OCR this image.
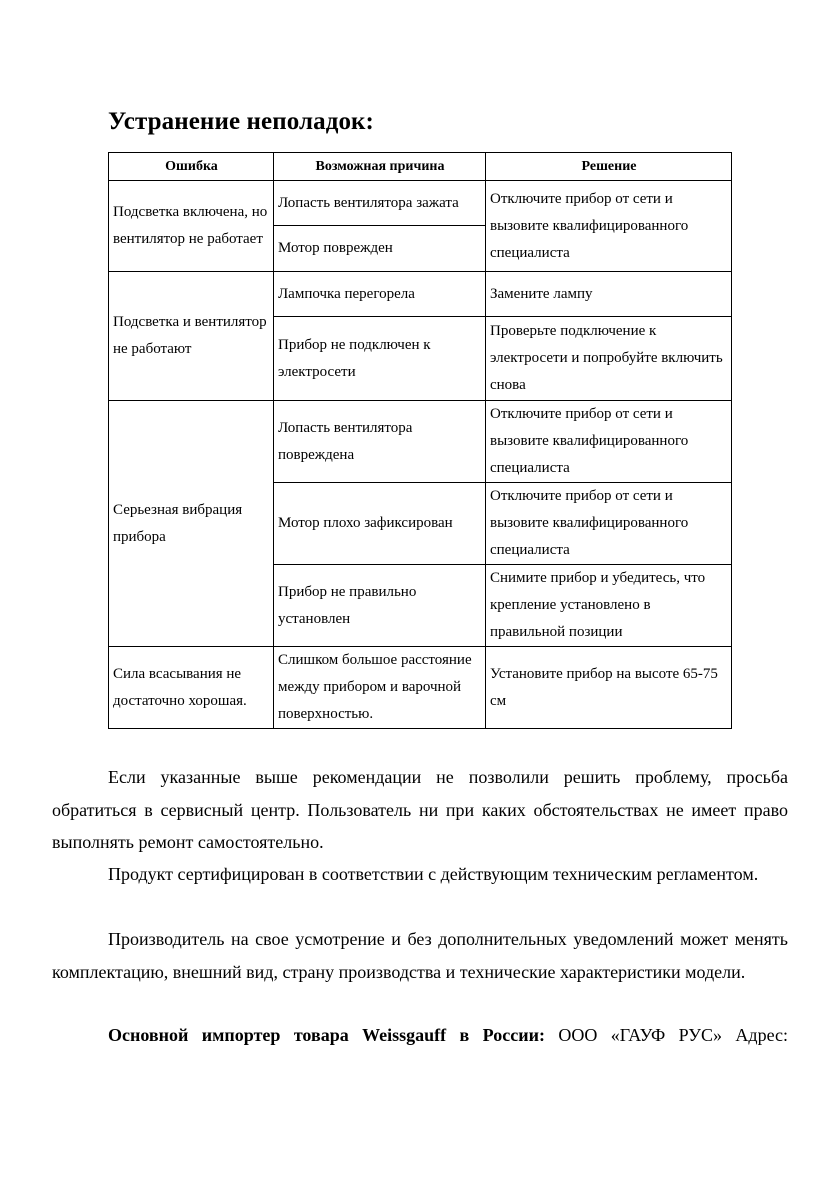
Устранение неполадок:
Ошибка	Возможная причина	Решение
Подсветка включена, но вентилятор не работает	Лопасть вентилятора зажата	Отключите прибор от сети и вызовите квалифицированного специалиста
	Мотор поврежден	
Подсветка и вентилятор не работают	Лампочка перегорела	Замените лампу
	Прибор не подключен к электросети	Проверьте подключение к электросети и попробуйте включить снова
Серьезная вибрация прибора	Лопасть вентилятора повреждена	Отключите прибор от сети и вызовите квалифицированного специалиста
	Мотор плохо зафиксирован	Отключите прибор от сети и вызовите квалифицированного специалиста
	Прибор не правильно установлен	Снимите прибор и убедитесь, что крепление установлено в правильной позиции
Сила всасывания не достаточно хорошая.	Слишком большое расстояние между прибором и варочной поверхностью.	Установите прибор на высоте 65-75 см

Если указанные выше рекомендации не позволили решить проблему, просьба обратиться в сервисный центр. Пользователь ни при каких обстоятельствах не имеет право выполнять ремонт самостоятельно.

Продукт сертифицирован в соответствии с действующим техническим регламентом.

Производитель на свое усмотрение и без дополнительных уведомлений может менять комплектацию, внешний вид, страну производства и технические характеристики модели.

Основной импортер товара Weissgauff в России: ООО «ГАУФ РУС» Адрес:
